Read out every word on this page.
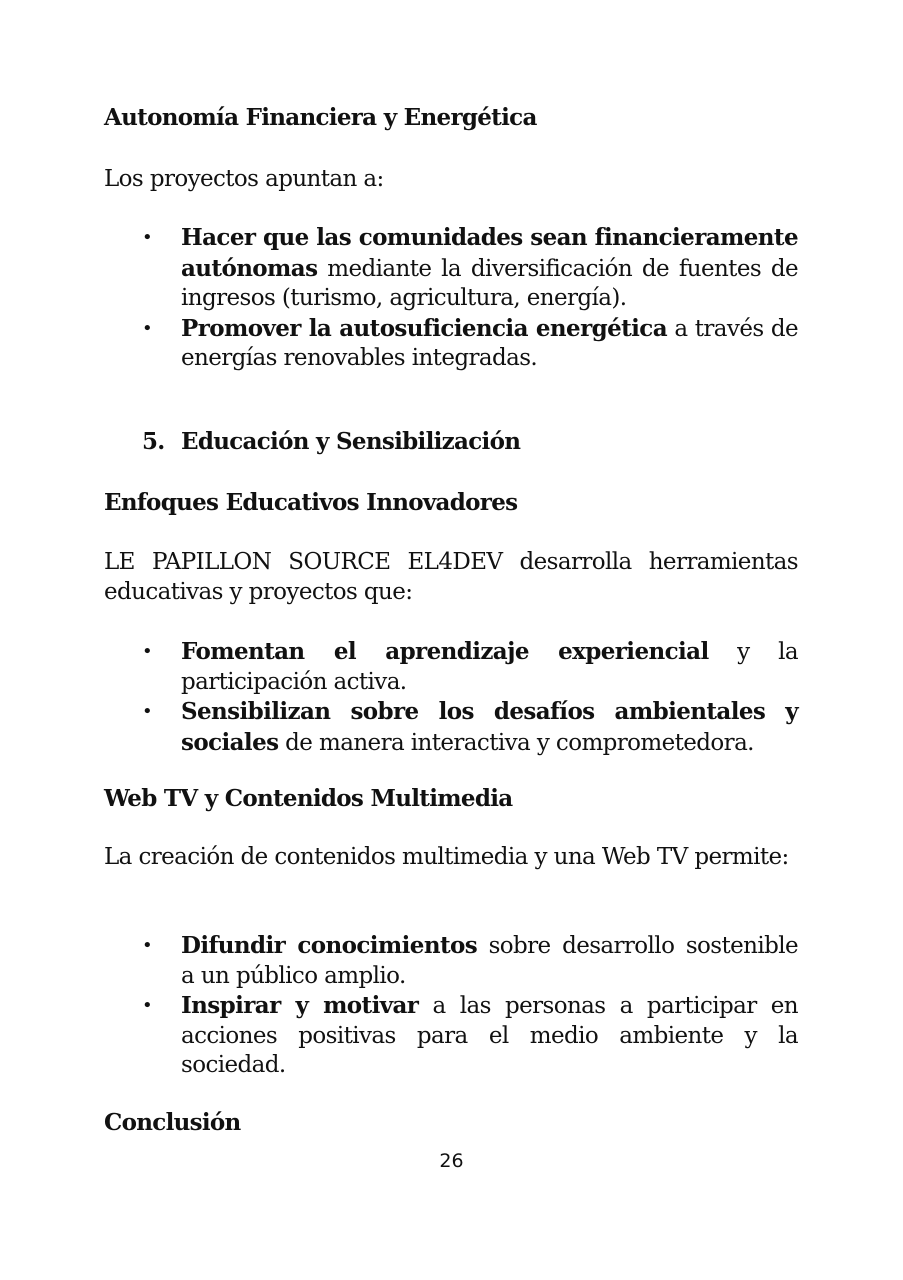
Autonomía Financiera y Energética
Los proyectos apuntan a:
• Hacer que las comunidades sean financieramente autónomas mediante la diversificación de fuentes de ingresos (turismo, agricultura, energía).
• Promover la autosuficiencia energética a través de energías renovables integradas.
5. Educación y Sensibilización
Enfoques Educativos Innovadores
LE PAPILLON SOURCE EL4DEV desarrolla herramientas educativas y proyectos que:
• Fomentan el aprendizaje experiencial y la participación activa.
• Sensibilizan sobre los desafíos ambientales y sociales de manera interactiva y comprometedora.
Web TV y Contenidos Multimedia
La creación de contenidos multimedia y una Web TV permite:
• Difundir conocimientos sobre desarrollo sostenible a un público amplio.
• Inspirar y motivar a las personas a participar en acciones positivas para el medio ambiente y la sociedad.
Conclusión
26
